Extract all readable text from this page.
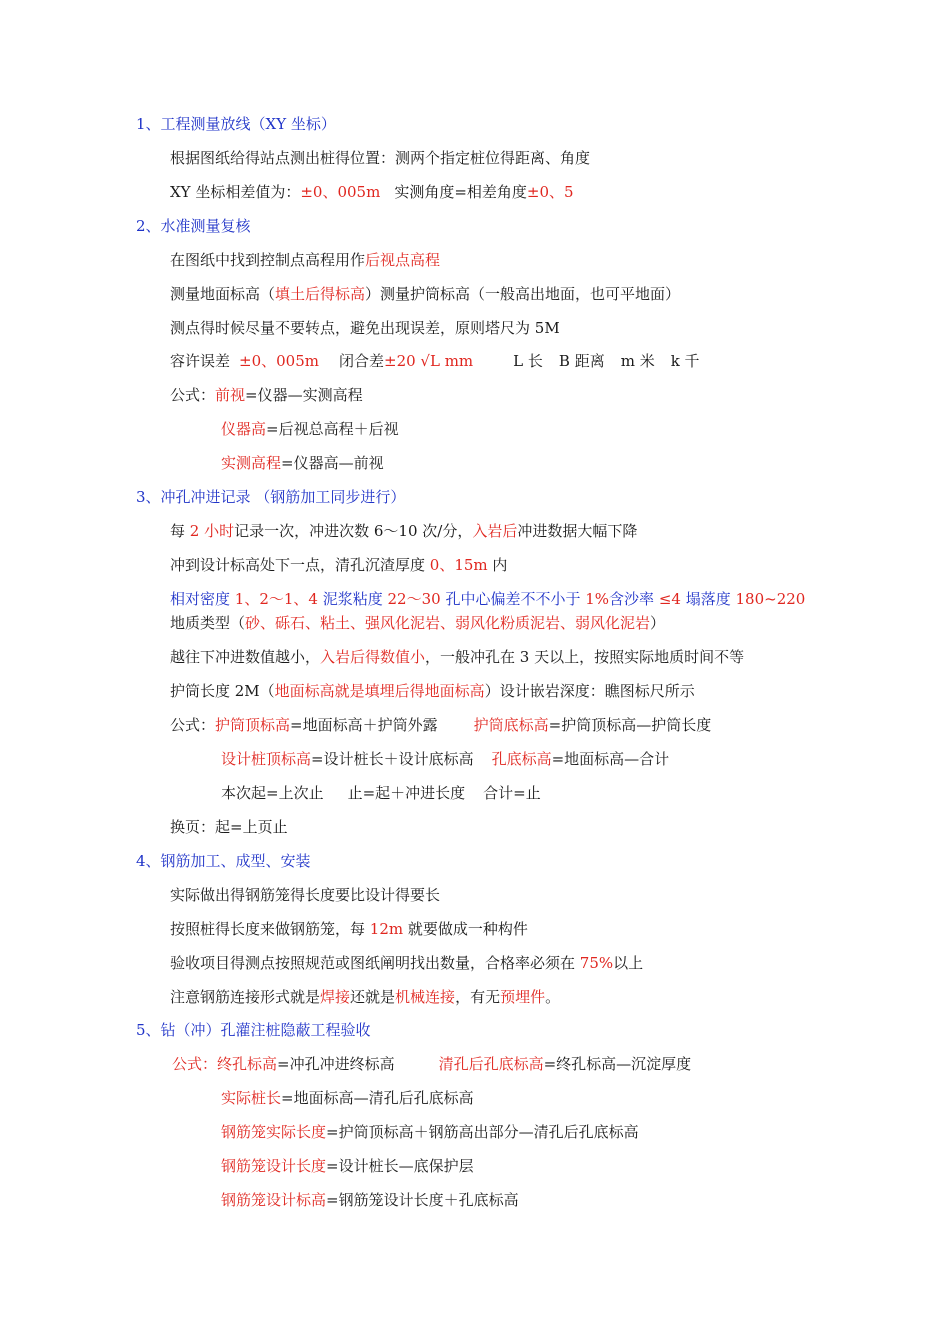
1、工程测量放线（XY 坐标）
根据图纸给得站点测出桩得位置：测两个指定桩位得距离、角度
XY 坐标相差值为：±0、005m 实测角度=相差角度±0、5
2、水准测量复核
在图纸中找到控制点高程用作后视点高程
测量地面标高（填土后得标高）测量护筒标高（一般高出地面，也可平地面）
测点得时候尽量不要转点，避免出现误差，原则塔尺为 5M
容许误差 ±0、005m 闭合差±20 √L mm	L 长 B 距离 m 米 k 千
公式：前视=仪器—实测高程
仪器高=后视总高程＋后视
实测高程=仪器高—前视
3、冲孔冲进记录 （钢筋加工同步进行）
每 2 小时记录一次，冲进次数 6～10 次/分，入岩后冲进数据大幅下降
冲到设计标高处下一点，清孔沉渣厚度 0、15m 内
相对密度 1、2～1、4 泥浆粘度 22～30 孔中心偏差不不小于 1%含沙率 ≤4 塌落度 180~220
地质类型（砂、砾石、粘土、强风化泥岩、弱风化粉质泥岩、弱风化泥岩）
越往下冲进数值越小，入岩后得数值小，一般冲孔在 3 天以上，按照实际地质时间不等
护筒长度 2M（地面标高就是填埋后得地面标高）设计嵌岩深度：瞧图标尺所示
公式：护筒顶标高=地面标高＋护筒外露 护筒底标高=护筒顶标高—护筒长度
设计桩顶标高=设计桩长＋设计底标高 孔底标高=地面标高—合计
本次起=上次止 止=起＋冲进长度 合计=止
换页：起=上页止
4、钢筋加工、成型、安装
实际做出得钢筋笼得长度要比设计得要长
按照桩得长度来做钢筋笼，每 12m 就要做成一种构件
验收项目得测点按照规范或图纸阐明找出数量，合格率必须在 75%以上
注意钢筋连接形式就是焊接还就是机械连接，有无预埋件。
5、钻（冲）孔灌注桩隐蔽工程验收
公式：终孔标高=冲孔冲进终标高	清孔后孔底标高=终孔标高—沉淀厚度
实际桩长=地面标高—清孔后孔底标高
钢筋笼实际长度=护筒顶标高＋钢筋高出部分—清孔后孔底标高
钢筋笼设计长度=设计桩长—底保护层
钢筋笼设计标高=钢筋笼设计长度＋孔底标高
